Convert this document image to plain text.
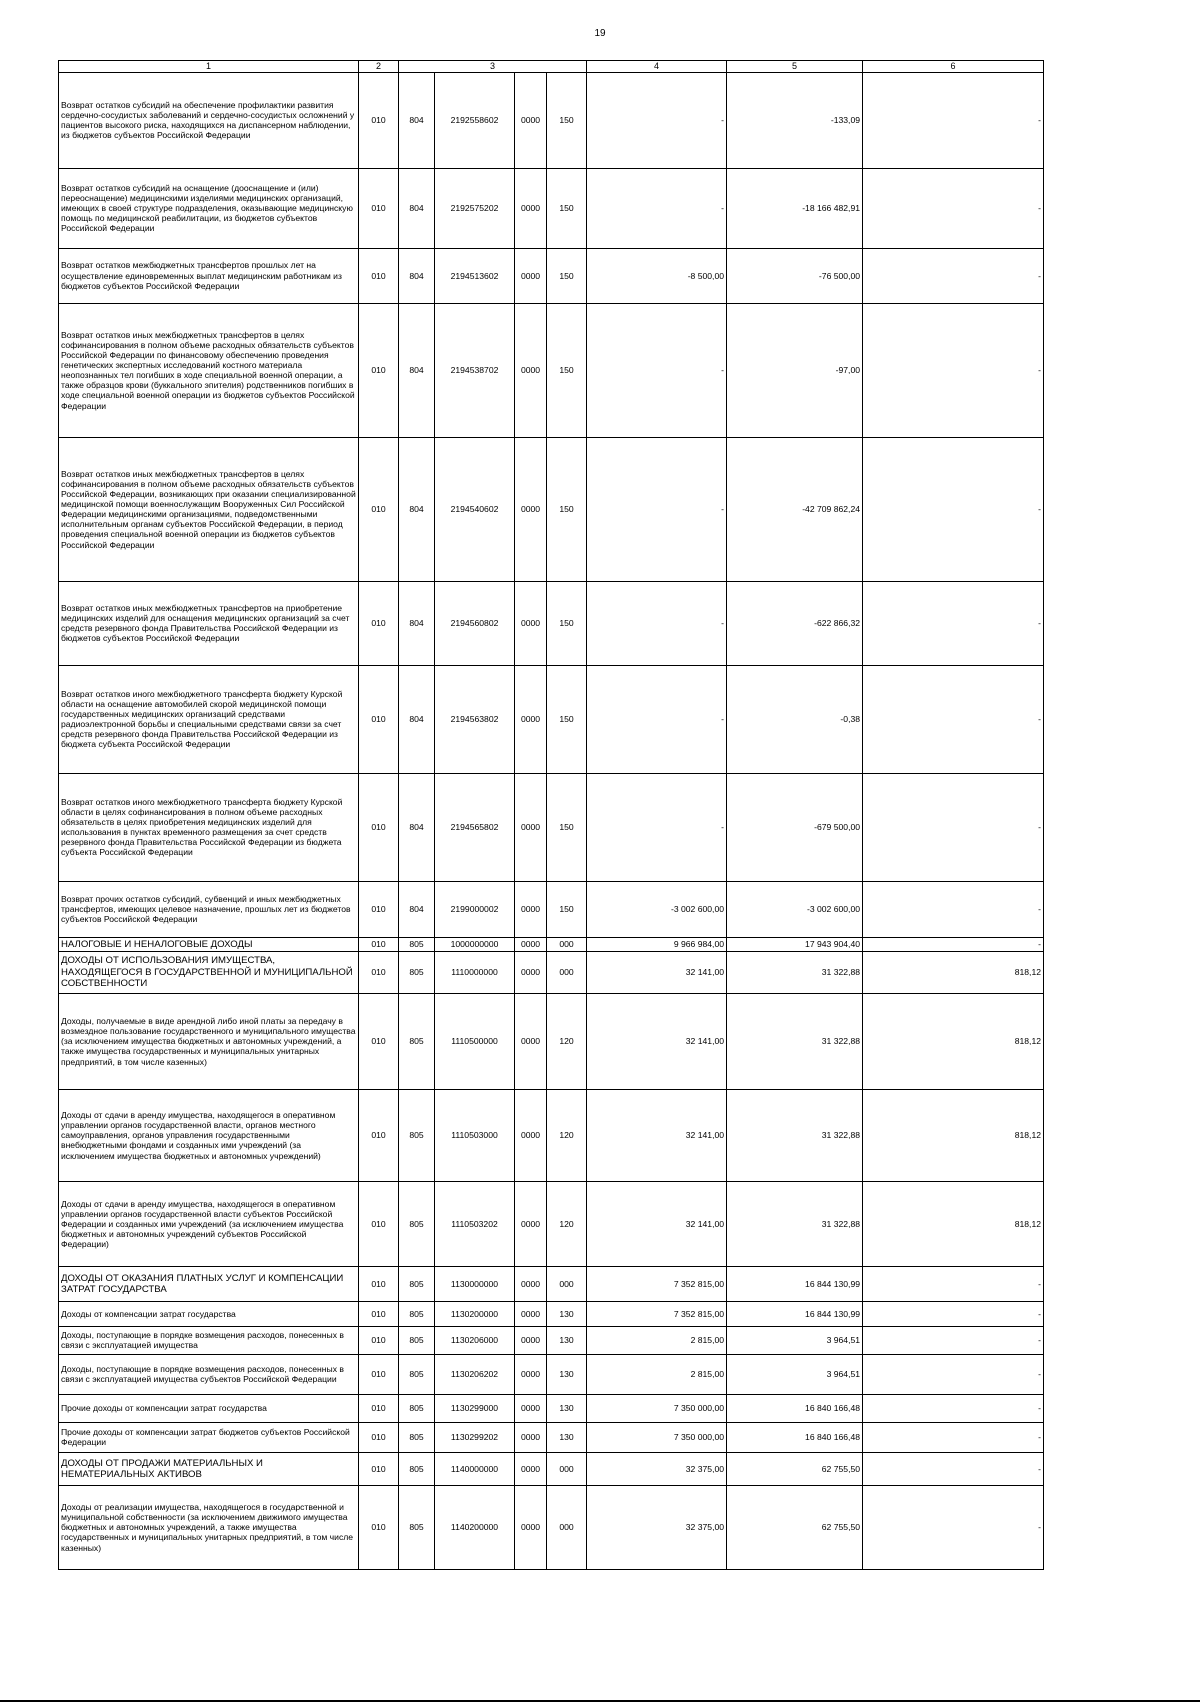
19
1	2	3				4	5	6
Возврат остатков субсидий на обеспечение профилактики развития сердечно-сосудистых заболеваний и сердечно-сосудистых осложнений у пациентов высокого риска, находящихся на диспансерном наблюдении, из бюджетов субъектов Российской Федерации	010	804	2192558602	0000	150	-	-133,09	-
Возврат остатков субсидий на оснащение (дооснащение и (или) переоснащение) медицинскими изделиями медицинских организаций, имеющих в своей структуре подразделения, оказывающие медицинскую помощь по медицинской реабилитации, из бюджетов субъектов Российской Федерации	010	804	2192575202	0000	150	-	-18 166 482,91	-
Возврат остатков межбюджетных трансфертов прошлых лет на осуществление единовременных выплат медицинским работникам из бюджетов субъектов Российской Федерации	010	804	2194513602	0000	150	-8 500,00	-76 500,00	-
Возврат остатков иных межбюджетных трансфертов в целях софинансирования в полном объеме расходных обязательств субъектов Российской Федерации по финансовому обеспечению проведения генетических экспертных исследований костного материала неопознанных тел погибших в ходе специальной военной операции, а также образцов крови (буккального эпителия) родственников погибших в ходе специальной военной операции из бюджетов субъектов Российской Федерации	010	804	2194538702	0000	150	-	-97,00	-
Возврат остатков иных межбюджетных трансфертов в целях софинансирования в полном объеме расходных обязательств субъектов Российской Федерации, возникающих при оказании специализированной медицинской помощи военнослужащим Вооруженных Сил Российской Федерации медицинскими организациями, подведомственными исполнительным органам субъектов Российской Федерации, в период проведения специальной военной операции из бюджетов субъектов Российской Федерации	010	804	2194540602	0000	150	-	-42 709 862,24	-
Возврат остатков иных межбюджетных трансфертов на приобретение медицинских изделий для оснащения медицинских организаций за счет средств резервного фонда Правительства Российской Федерации из бюджетов субъектов Российской Федерации	010	804	2194560802	0000	150	-	-622 866,32	-
Возврат остатков иного межбюджетного трансферта бюджету Курской области на оснащение автомобилей скорой медицинской помощи государственных медицинских организаций средствами радиоэлектронной борьбы и специальными средствами связи за счет средств резервного фонда Правительства Российской Федерации из бюджета субъекта Российской Федерации	010	804	2194563802	0000	150	-	-0,38	-
Возврат остатков иного межбюджетного трансферта бюджету Курской области в целях софинансирования в полном объеме расходных обязательств в целях приобретения медицинских изделий для использования в пунктах временного размещения за счет средств резервного фонда Правительства Российской Федерации из бюджета субъекта Российской Федерации	010	804	2194565802	0000	150	-	-679 500,00	-
Возврат прочих остатков субсидий, субвенций и иных межбюджетных трансфертов, имеющих целевое назначение, прошлых лет из бюджетов субъектов Российской Федерации	010	804	2199000002	0000	150	-3 002 600,00	-3 002 600,00	-
НАЛОГОВЫЕ И НЕНАЛОГОВЫЕ ДОХОДЫ	010	805	1000000000	0000	000	9 966 984,00	17 943 904,40	-
ДОХОДЫ ОТ ИСПОЛЬЗОВАНИЯ ИМУЩЕСТВА, НАХОДЯЩЕГОСЯ В ГОСУДАРСТВЕННОЙ И МУНИЦИПАЛЬНОЙ СОБСТВЕННОСТИ	010	805	1110000000	0000	000	32 141,00	31 322,88	818,12
Доходы, получаемые в виде арендной либо иной платы за передачу в возмездное пользование государственного и муниципального имущества (за исключением имущества бюджетных и автономных учреждений, а также имущества государственных и муниципальных унитарных предприятий, в том числе казенных)	010	805	1110500000	0000	120	32 141,00	31 322,88	818,12
Доходы от сдачи в аренду имущества, находящегося в оперативном управлении органов государственной власти, органов местного самоуправления, органов управления государственными внебюджетными фондами и созданных ими учреждений (за исключением имущества бюджетных и автономных учреждений)	010	805	1110503000	0000	120	32 141,00	31 322,88	818,12
Доходы от сдачи в аренду имущества, находящегося в оперативном управлении органов государственной власти субъектов Российской Федерации и созданных ими учреждений (за исключением имущества бюджетных и автономных учреждений субъектов Российской Федерации)	010	805	1110503202	0000	120	32 141,00	31 322,88	818,12
ДОХОДЫ ОТ ОКАЗАНИЯ ПЛАТНЫХ УСЛУГ И КОМПЕНСАЦИИ ЗАТРАТ ГОСУДАРСТВА	010	805	1130000000	0000	000	7 352 815,00	16 844 130,99	-
Доходы от компенсации затрат государства	010	805	1130200000	0000	130	7 352 815,00	16 844 130,99	-
Доходы, поступающие в порядке возмещения расходов, понесенных в связи с эксплуатацией имущества	010	805	1130206000	0000	130	2 815,00	3 964,51	-
Доходы, поступающие в порядке возмещения расходов, понесенных в связи с эксплуатацией имущества субъектов Российской Федерации	010	805	1130206202	0000	130	2 815,00	3 964,51	-
Прочие доходы от компенсации затрат государства	010	805	1130299000	0000	130	7 350 000,00	16 840 166,48	-
Прочие доходы от компенсации затрат бюджетов субъектов Российской Федерации	010	805	1130299202	0000	130	7 350 000,00	16 840 166,48	-
ДОХОДЫ ОТ ПРОДАЖИ МАТЕРИАЛЬНЫХ И НЕМАТЕРИАЛЬНЫХ АКТИВОВ	010	805	1140000000	0000	000	32 375,00	62 755,50	-
Доходы от реализации имущества, находящегося в государственной и муниципальной собственности (за исключением движимого имущества бюджетных и автономных учреждений, а также имущества государственных и муниципальных унитарных предприятий, в том числе казенных)	010	805	1140200000	0000	000	32 375,00	62 755,50	-
